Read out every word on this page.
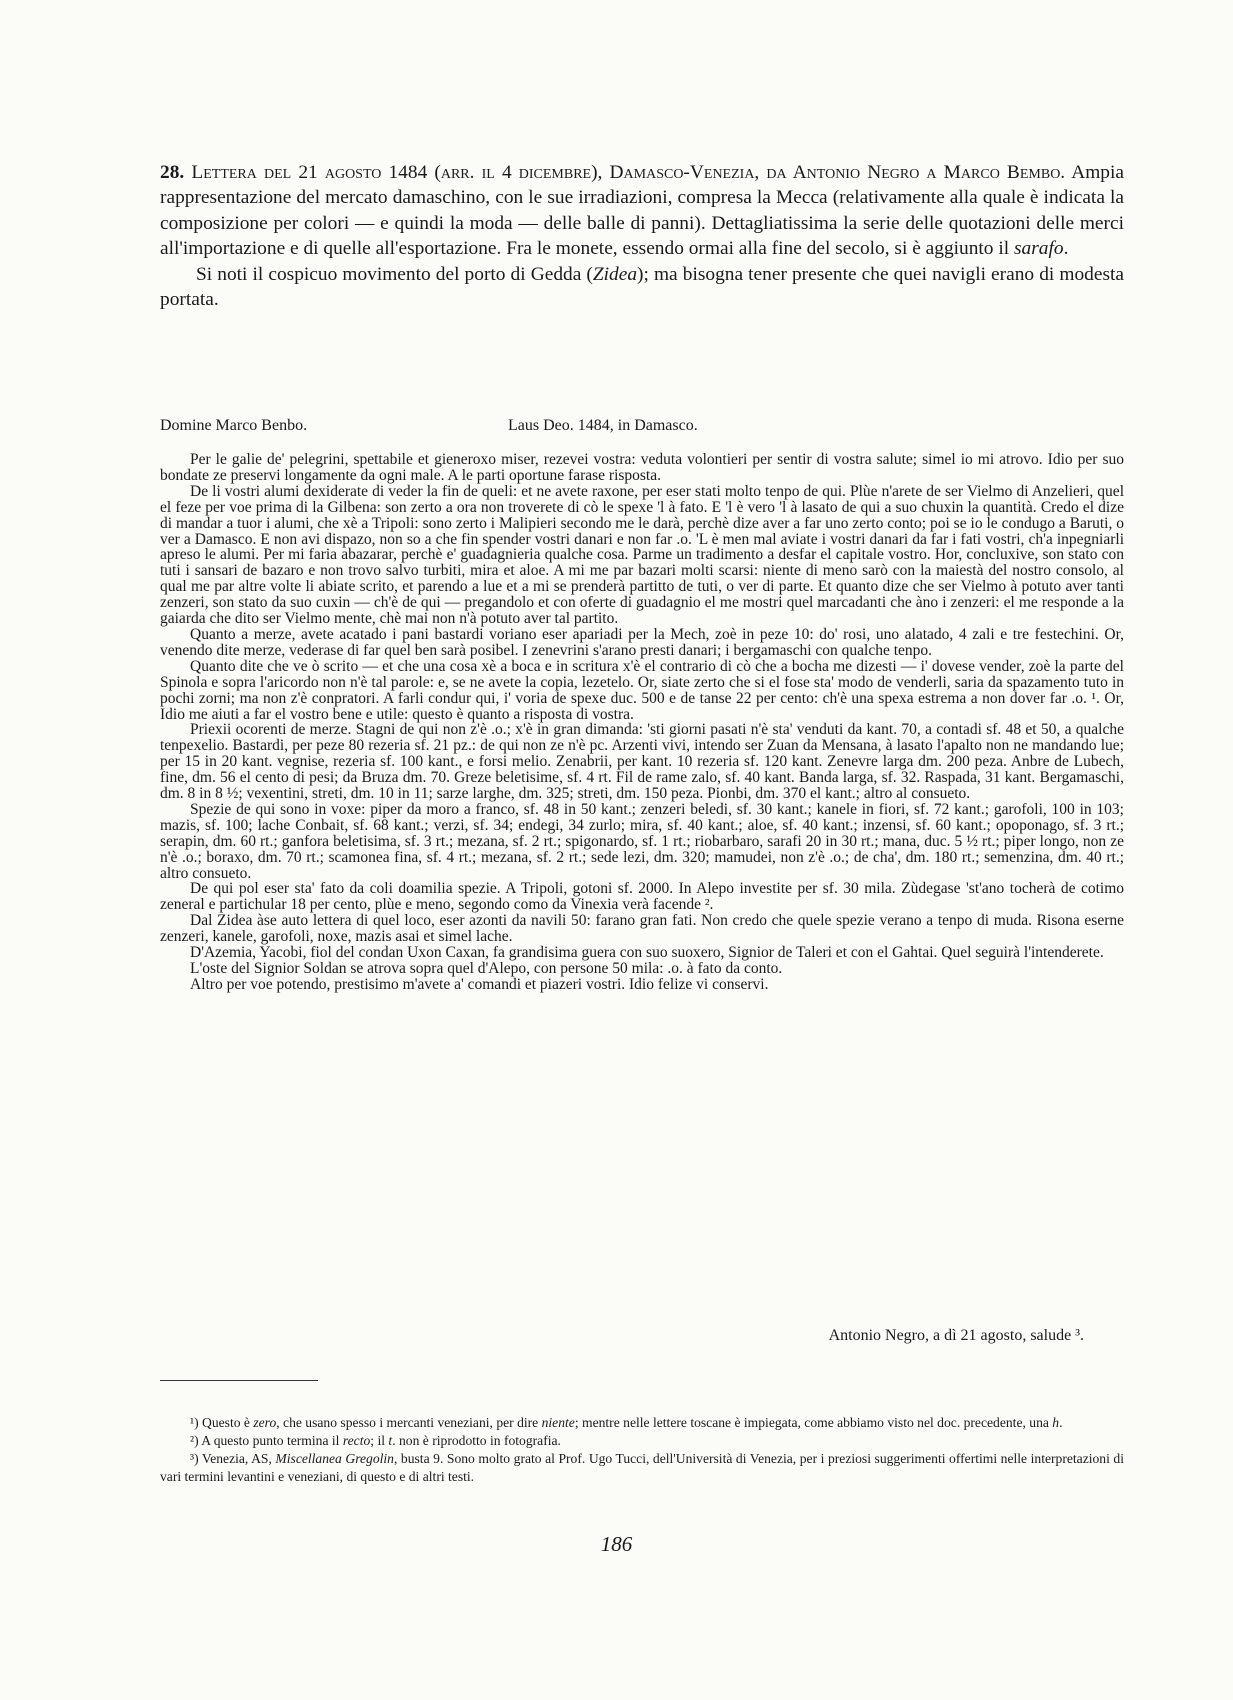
28. Lettera del 21 agosto 1484 (arr. il 4 dicembre), Damasco-Venezia, da Antonio Negro a Marco Bembo. Ampia rappresentazione del mercato damaschino, con le sue irradiazioni, compresa la Mecca (relativamente alla quale è indicata la composizione per colori — e quindi la moda — delle balle di panni). Dettagliatissima la serie delle quotazioni delle merci all'importazione e di quelle all'esportazione. Fra le monete, essendo ormai alla fine del secolo, si è aggiunto il sarafo.

Si noti il cospicuo movimento del porto di Gedda (Zidea); ma bisogna tener presente che quei navigli erano di modesta portata.

Domine Marco Benbo.	Laus Deo. 1484, in Damasco.

Per le galie de' pelegrini, spettabile et gieneroxo miser, rezevei vostra: veduta volontieri per sentir di vostra salute; simel io mi atrovo. Idio per suo bondate ze preservi longamente da ogni male. A le parti oportune farase risposta.

De li vostri alumi dexiderate di veder la fin de queli: et ne avete raxone, per eser stati molto tenpo de qui. Plùe n'arete de ser Vielmo di Anzelieri, quel el feze per voe prima di la Gilbena: son zerto a ora non troverete di cò le spexe 'l à fato. E 'l è vero 'l à lasato de qui a suo chuxin la quantità. Credo el dize di mandar a tuor i alumi, che xè a Tripoli: sono zerto i Malipieri secondo me le darà, perchè dize aver a far uno zerto conto; poi se io le condugo a Baruti, o ver a Damasco. E non avi dispazo, non so a che fin spender vostri danari e non far .o. 'L è men mal aviate i vostri danari da far i fati vostri, ch'a inpegniarli apreso le alumi. Per mi faria abazarar, perchè e' guadagnieria qualche cosa. Parme un tradimento a desfar el capitale vostro. Hor, concluxive, son stato con tuti i sansari de bazaro e non trovo salvo turbiti, mira et aloe. A mi me par bazari molti scarsi: niente di meno sarò con la maiestà del nostro consolo, al qual me par altre volte li abiate scrito, et parendo a lue et a mi se prenderà partitto de tuti, o ver di parte. Et quanto dize che ser Vielmo à potuto aver tanti zenzeri, son stato da suo cuxin — ch'è de qui — pregandolo et con oferte di guadagnio el me mostri quel marcadanti che àno i zenzeri: el me responde a la gaiarda che dito ser Vielmo mente, chè mai non n'à potuto aver tal partito.

Quanto a merze, avete acatado i pani bastardi voriano eser apariadi per la Mech, zoè in peze 10: do' rosi, uno alatado, 4 zali e tre festechini. Or, venendo dite merze, vederase di far quel ben sarà posibel. I zenevrini s'arano presti danari; i bergamaschi con qualche tenpo.

Quanto dite che ve ò scrito — et che una cosa xè a boca e in scritura x'è el contrario di cò che a bocha me dizesti — i' dovese vender, zoè la parte del Spinola e sopra l'aricordo non n'è tal parole: e, se ne avete la copia, lezetelo. Or, siate zerto che si el fose sta' modo de venderli, saria da spazamento tuto in pochi zorni; ma non z'è conpratori. A farli condur qui, i' voria de spexe duc. 500 e de tanse 22 per cento: ch'è una spexa estrema a non dover far .o. ¹. Or, Idio me aiuti a far el vostro bene e utile: questo è quanto a risposta di vostra.

Priexii ocorenti de merze. Stagni de qui non z'è .o.; x'è in gran dimanda: 'sti giorni pasati n'è sta' venduti da kant. 70, a contadi sf. 48 et 50, a qualche tenpexelio. Bastardi, per peze 80 rezeria sf. 21 pz.: de qui non ze n'è pc. Arzenti vivi, intendo ser Zuan da Mensana, à lasato l'apalto non ne mandando lue; per 15 in 20 kant. vegnise, rezeria sf. 100 kant., e forsi melio. Zenabrii, per kant. 10 rezeria sf. 120 kant. Zenevre larga dm. 200 peza. Anbre de Lubech, fine, dm. 56 el cento di pesi; da Bruza dm. 70. Greze beletisime, sf. 4 rt. Fil de rame zalo, sf. 40 kant. Banda larga, sf. 32. Raspada, 31 kant. Bergamaschi, dm. 8 in 8 ½; vexentini, streti, dm. 10 in 11; sarze larghe, dm. 325; streti, dm. 150 peza. Pionbi, dm. 370 el kant.; altro al consueto.

Spezie de qui sono in voxe: piper da moro a franco, sf. 48 in 50 kant.; zenzeri beledi, sf. 30 kant.; kanele in fiori, sf. 72 kant.; garofoli, 100 in 103; mazis, sf. 100; lache Conbait, sf. 68 kant.; verzi, sf. 34; endegi, 34 zurlo; mira, sf. 40 kant.; aloe, sf. 40 kant.; inzensi, sf. 60 kant.; opoponago, sf. 3 rt.; serapin, dm. 60 rt.; ganfora beletisima, sf. 3 rt.; mezana, sf. 2 rt.; spigonardo, sf. 1 rt.; riobarbaro, sarafi 20 in 30 rt.; mana, duc. 5 ½ rt.; piper longo, non ze n'è .o.; boraxo, dm. 70 rt.; scamonea fina, sf. 4 rt.; mezana, sf. 2 rt.; sede lezi, dm. 320; mamudei, non z'è .o.; de cha', dm. 180 rt.; semenzina, dm. 40 rt.; altro consueto.

De qui pol eser sta' fato da coli doamilia spezie. A Tripoli, gotoni sf. 2000. In Alepo investite per sf. 30 mila. Zùdegase 'st'ano tocherà de cotimo zeneral e partichular 18 per cento, plùe e meno, segondo como da Vinexia verà facende ².

Dal Zidea àse auto lettera di quel loco, eser azonti da navili 50: farano gran fati. Non credo che quele spezie verano a tenpo di muda. Risona eserne zenzeri, kanele, garofoli, noxe, mazis asai et simel lache.

D'Azemia, Yacobi, fiol del condan Uxon Caxan, fa grandisima guera con suo suoxero, Signior de Taleri et con el Gahtai. Quel seguirà l'intenderete.

L'oste del Signior Soldan se atrova sopra quel d'Alepo, con persone 50 mila: .o. à fato da conto.

Altro per voe potendo, prestisimo m'avete a' comandi et piazeri vostri. Idio felize vi conservi.

Antonio Negro, a dì 21 agosto, salude ³.

¹) Questo è zero, che usano spesso i mercanti veneziani, per dire niente; mentre nelle lettere toscane è impiegata, come abbiamo visto nel doc. precedente, una h.

²) A questo punto termina il recto; il t. non è riprodotto in fotografia.

³) Venezia, AS, Miscellanea Gregolin, busta 9. Sono molto grato al Prof. Ugo Tucci, dell'Università di Venezia, per i preziosi suggerimenti offertimi nelle interpretazioni di vari termini levantini e veneziani, di questo e di altri testi.

186
